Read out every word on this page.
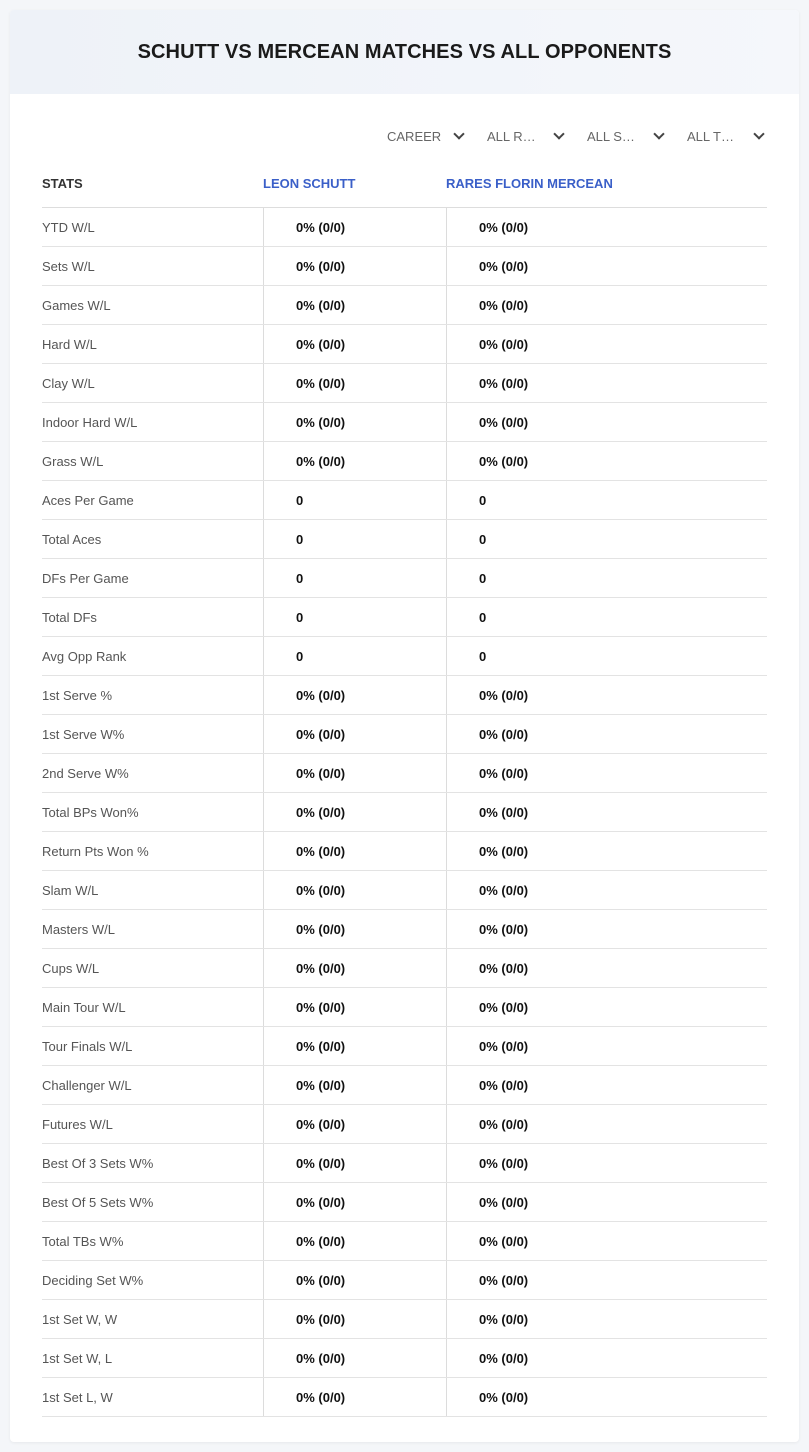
SCHUTT VS MERCEAN MATCHES VS ALL OPPONENTS
CAREER	ALL R…	ALL S…	ALL T…
STATS	LEON SCHUTT	RARES FLORIN MERCEAN
YTD W/L	0% (0/0)	0% (0/0)
Sets W/L	0% (0/0)	0% (0/0)
Games W/L	0% (0/0)	0% (0/0)
Hard W/L	0% (0/0)	0% (0/0)
Clay W/L	0% (0/0)	0% (0/0)
Indoor Hard W/L	0% (0/0)	0% (0/0)
Grass W/L	0% (0/0)	0% (0/0)
Aces Per Game	0	0
Total Aces	0	0
DFs Per Game	0	0
Total DFs	0	0
Avg Opp Rank	0	0
1st Serve %	0% (0/0)	0% (0/0)
1st Serve W%	0% (0/0)	0% (0/0)
2nd Serve W%	0% (0/0)	0% (0/0)
Total BPs Won%	0% (0/0)	0% (0/0)
Return Pts Won %	0% (0/0)	0% (0/0)
Slam W/L	0% (0/0)	0% (0/0)
Masters W/L	0% (0/0)	0% (0/0)
Cups W/L	0% (0/0)	0% (0/0)
Main Tour W/L	0% (0/0)	0% (0/0)
Tour Finals W/L	0% (0/0)	0% (0/0)
Challenger W/L	0% (0/0)	0% (0/0)
Futures W/L	0% (0/0)	0% (0/0)
Best Of 3 Sets W%	0% (0/0)	0% (0/0)
Best Of 5 Sets W%	0% (0/0)	0% (0/0)
Total TBs W%	0% (0/0)	0% (0/0)
Deciding Set W%	0% (0/0)	0% (0/0)
1st Set W, W	0% (0/0)	0% (0/0)
1st Set W, L	0% (0/0)	0% (0/0)
1st Set L, W	0% (0/0)	0% (0/0)
